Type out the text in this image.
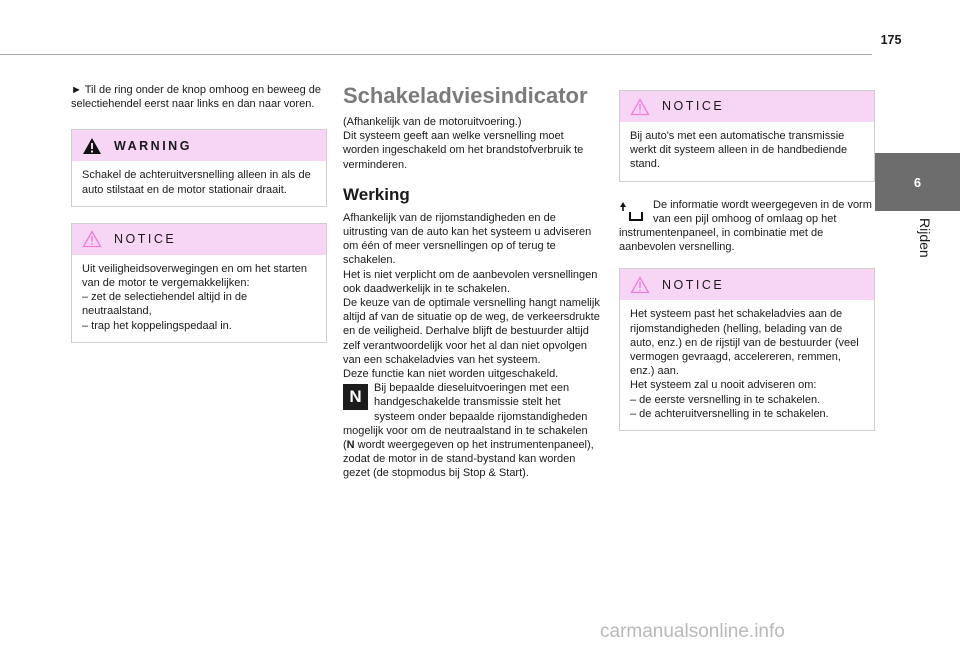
175
6
Rijden

► Til de ring onder de knop omhoog en beweeg de selectiehendel eerst naar links en dan naar voren.

WARNING

Schakel de achteruitversnelling alleen in als de auto stilstaat en de motor stationair draait.

NOTICE

Uit veiligheidsoverwegingen en om het starten van de motor te vergemakkelijken:

– zet de selectiehendel altijd in de neutraalstand,

– trap het koppelingspedaal in.

Schakeladviesindicator

(Afhankelijk van de motoruitvoering.)

Dit systeem geeft aan welke versnelling moet worden ingeschakeld om het brandstofverbruik te verminderen.

Werking

Afhankelijk van de rijomstandigheden en de uitrusting van de auto kan het systeem u adviseren om één of meer versnellingen op of terug te schakelen.

Het is niet verplicht om de aanbevolen versnellingen ook daadwerkelijk in te schakelen.

De keuze van de optimale versnelling hangt namelijk altijd af van de situatie op de weg, de verkeersdrukte en de veiligheid. Derhalve blijft de bestuurder altijd zelf verantwoordelijk voor het al dan niet opvolgen van een schakeladvies van het systeem.

Deze functie kan niet worden uitgeschakeld.

N	Bij bepaalde dieseluitvoeringen met een handgeschakelde transmissie stelt het systeem onder bepaalde rijomstandigheden mogelijk voor om de neutraalstand in te schakelen (N wordt weergegeven op het instrumentenpaneel), zodat de motor in de stand-bystand kan worden gezet (de stopmodus bij Stop & Start).
NOTICE

Bij auto's met een automatische transmissie werkt dit systeem alleen in de handbediende stand.

De informatie wordt weergegeven in de vorm van een pijl omhoog of omlaag op het instrumentenpaneel, in combinatie met de aanbevolen versnelling.
NOTICE

Het systeem past het schakeladvies aan de rijomstandigheden (helling, belading van de auto, enz.) en de rijstijl van de bestuurder (veel vermogen gevraagd, accelereren, remmen, enz.) aan.

Het systeem zal u nooit adviseren om:

– de eerste versnelling in te schakelen.

– de achteruitversnelling in te schakelen.

carmanualsonline.info
